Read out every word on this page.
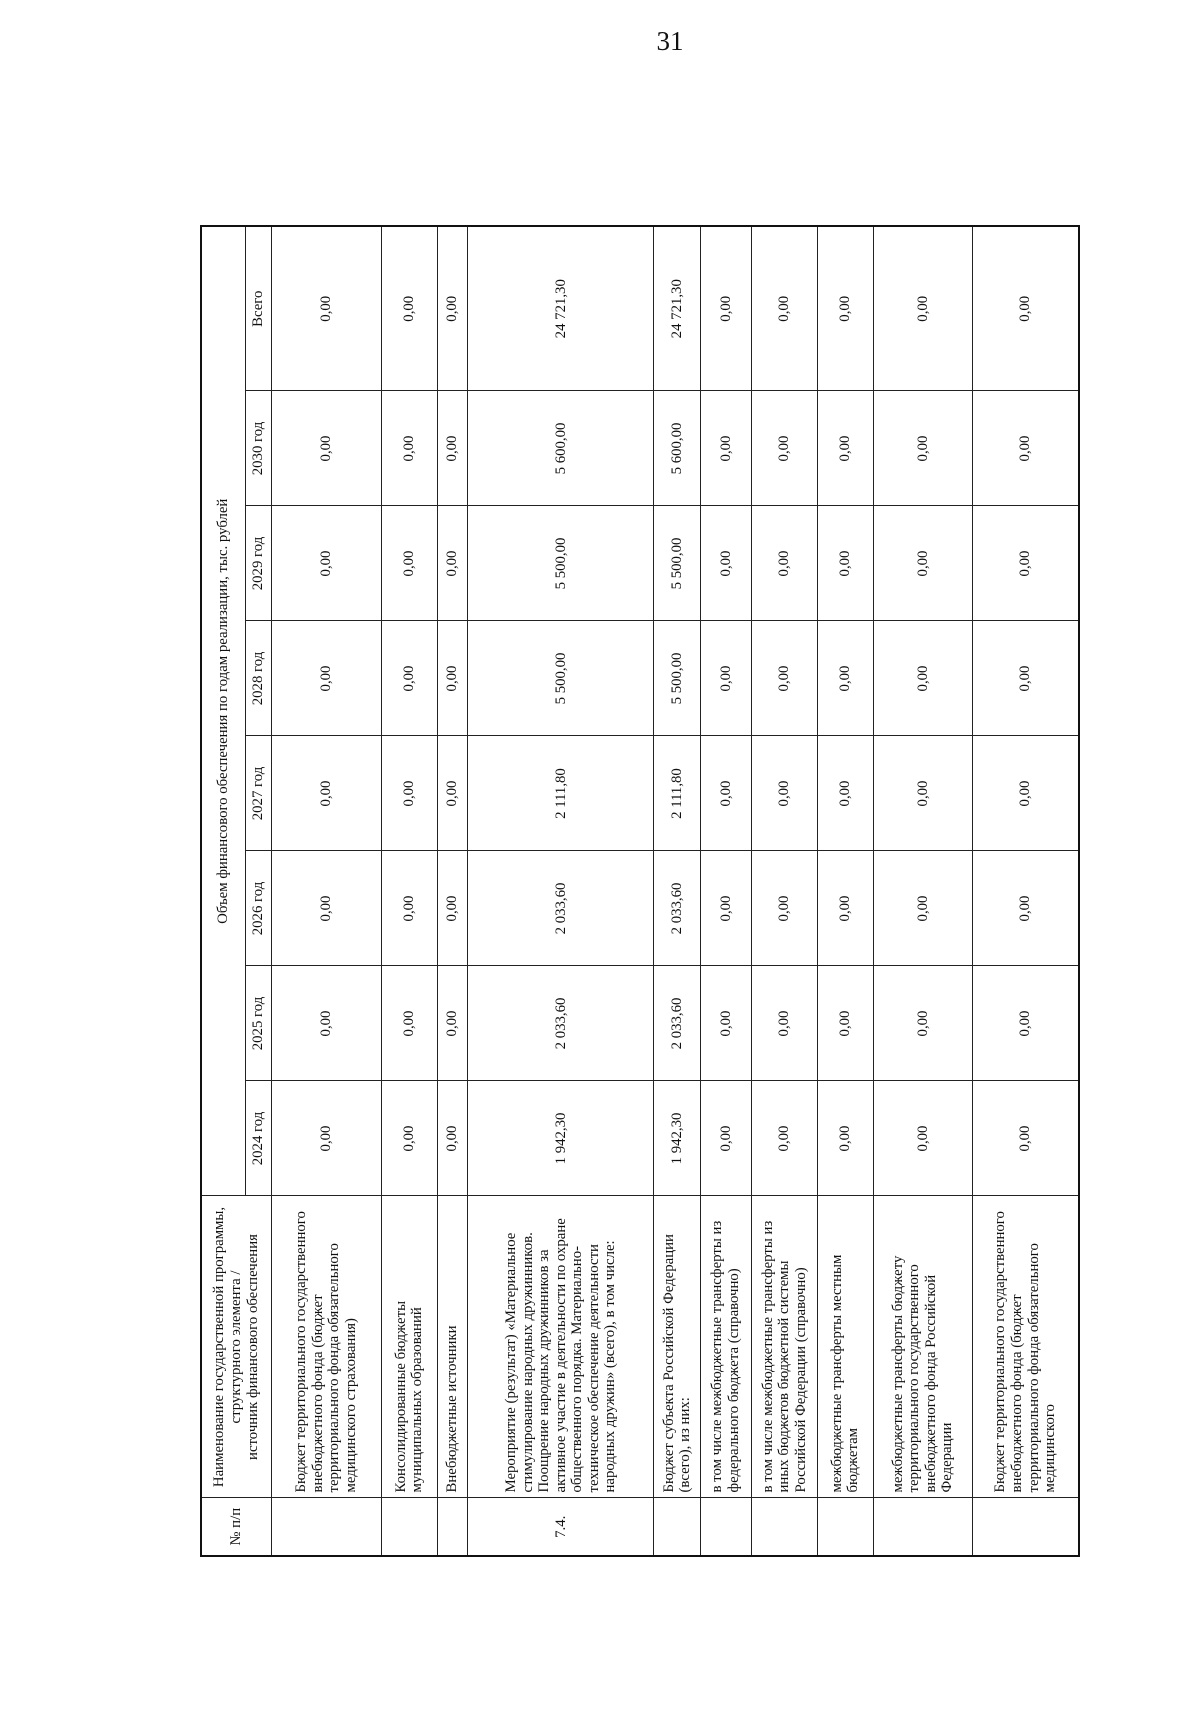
31
№ п/п	Наименование государственной программы, структурного элемента / источник финансового обеспечения	Объем финансового обеспечения по годам реализации, тыс. рублей							
		2024 год	2025 год	2026 год	2027 год	2028 год	2029 год	2030 год	Всего
	Бюджет территориального государственного внебюджетного фонда (бюджет территориального фонда обязательного медицинского страхования)	0,00	0,00	0,00	0,00	0,00	0,00	0,00	0,00
	Консолидированные бюджеты муниципальных образований	0,00	0,00	0,00	0,00	0,00	0,00	0,00	0,00
	Внебюджетные источники	0,00	0,00	0,00	0,00	0,00	0,00	0,00	0,00
7.4.	Мероприятие (результат) «Материальное стимулирование народных дружинников. Поощрение народных дружинников за активное участие в деятельности по охране общественного порядка. Материально-техническое обеспечение деятельности народных дружин» (всего), в том числе:	1 942,30	2 033,60	2 033,60	2 111,80	5 500,00	5 500,00	5 600,00	24 721,30
	Бюджет субъекта Российской Федерации (всего), из них:	1 942,30	2 033,60	2 033,60	2 111,80	5 500,00	5 500,00	5 600,00	24 721,30
	в том числе межбюджетные трансферты из федерального бюджета (справочно)	0,00	0,00	0,00	0,00	0,00	0,00	0,00	0,00
	в том числе межбюджетные трансферты из иных бюджетов бюджетной системы Российской Федерации (справочно)	0,00	0,00	0,00	0,00	0,00	0,00	0,00	0,00
	межбюджетные трансферты местным бюджетам	0,00	0,00	0,00	0,00	0,00	0,00	0,00	0,00
	межбюджетные трансферты бюджету территориального государственного внебюджетного фонда Российской Федерации	0,00	0,00	0,00	0,00	0,00	0,00	0,00	0,00
	Бюджет территориального государственного внебюджетного фонда (бюджет территориального фонда обязательного медицинского	0,00	0,00	0,00	0,00	0,00	0,00	0,00	0,00
